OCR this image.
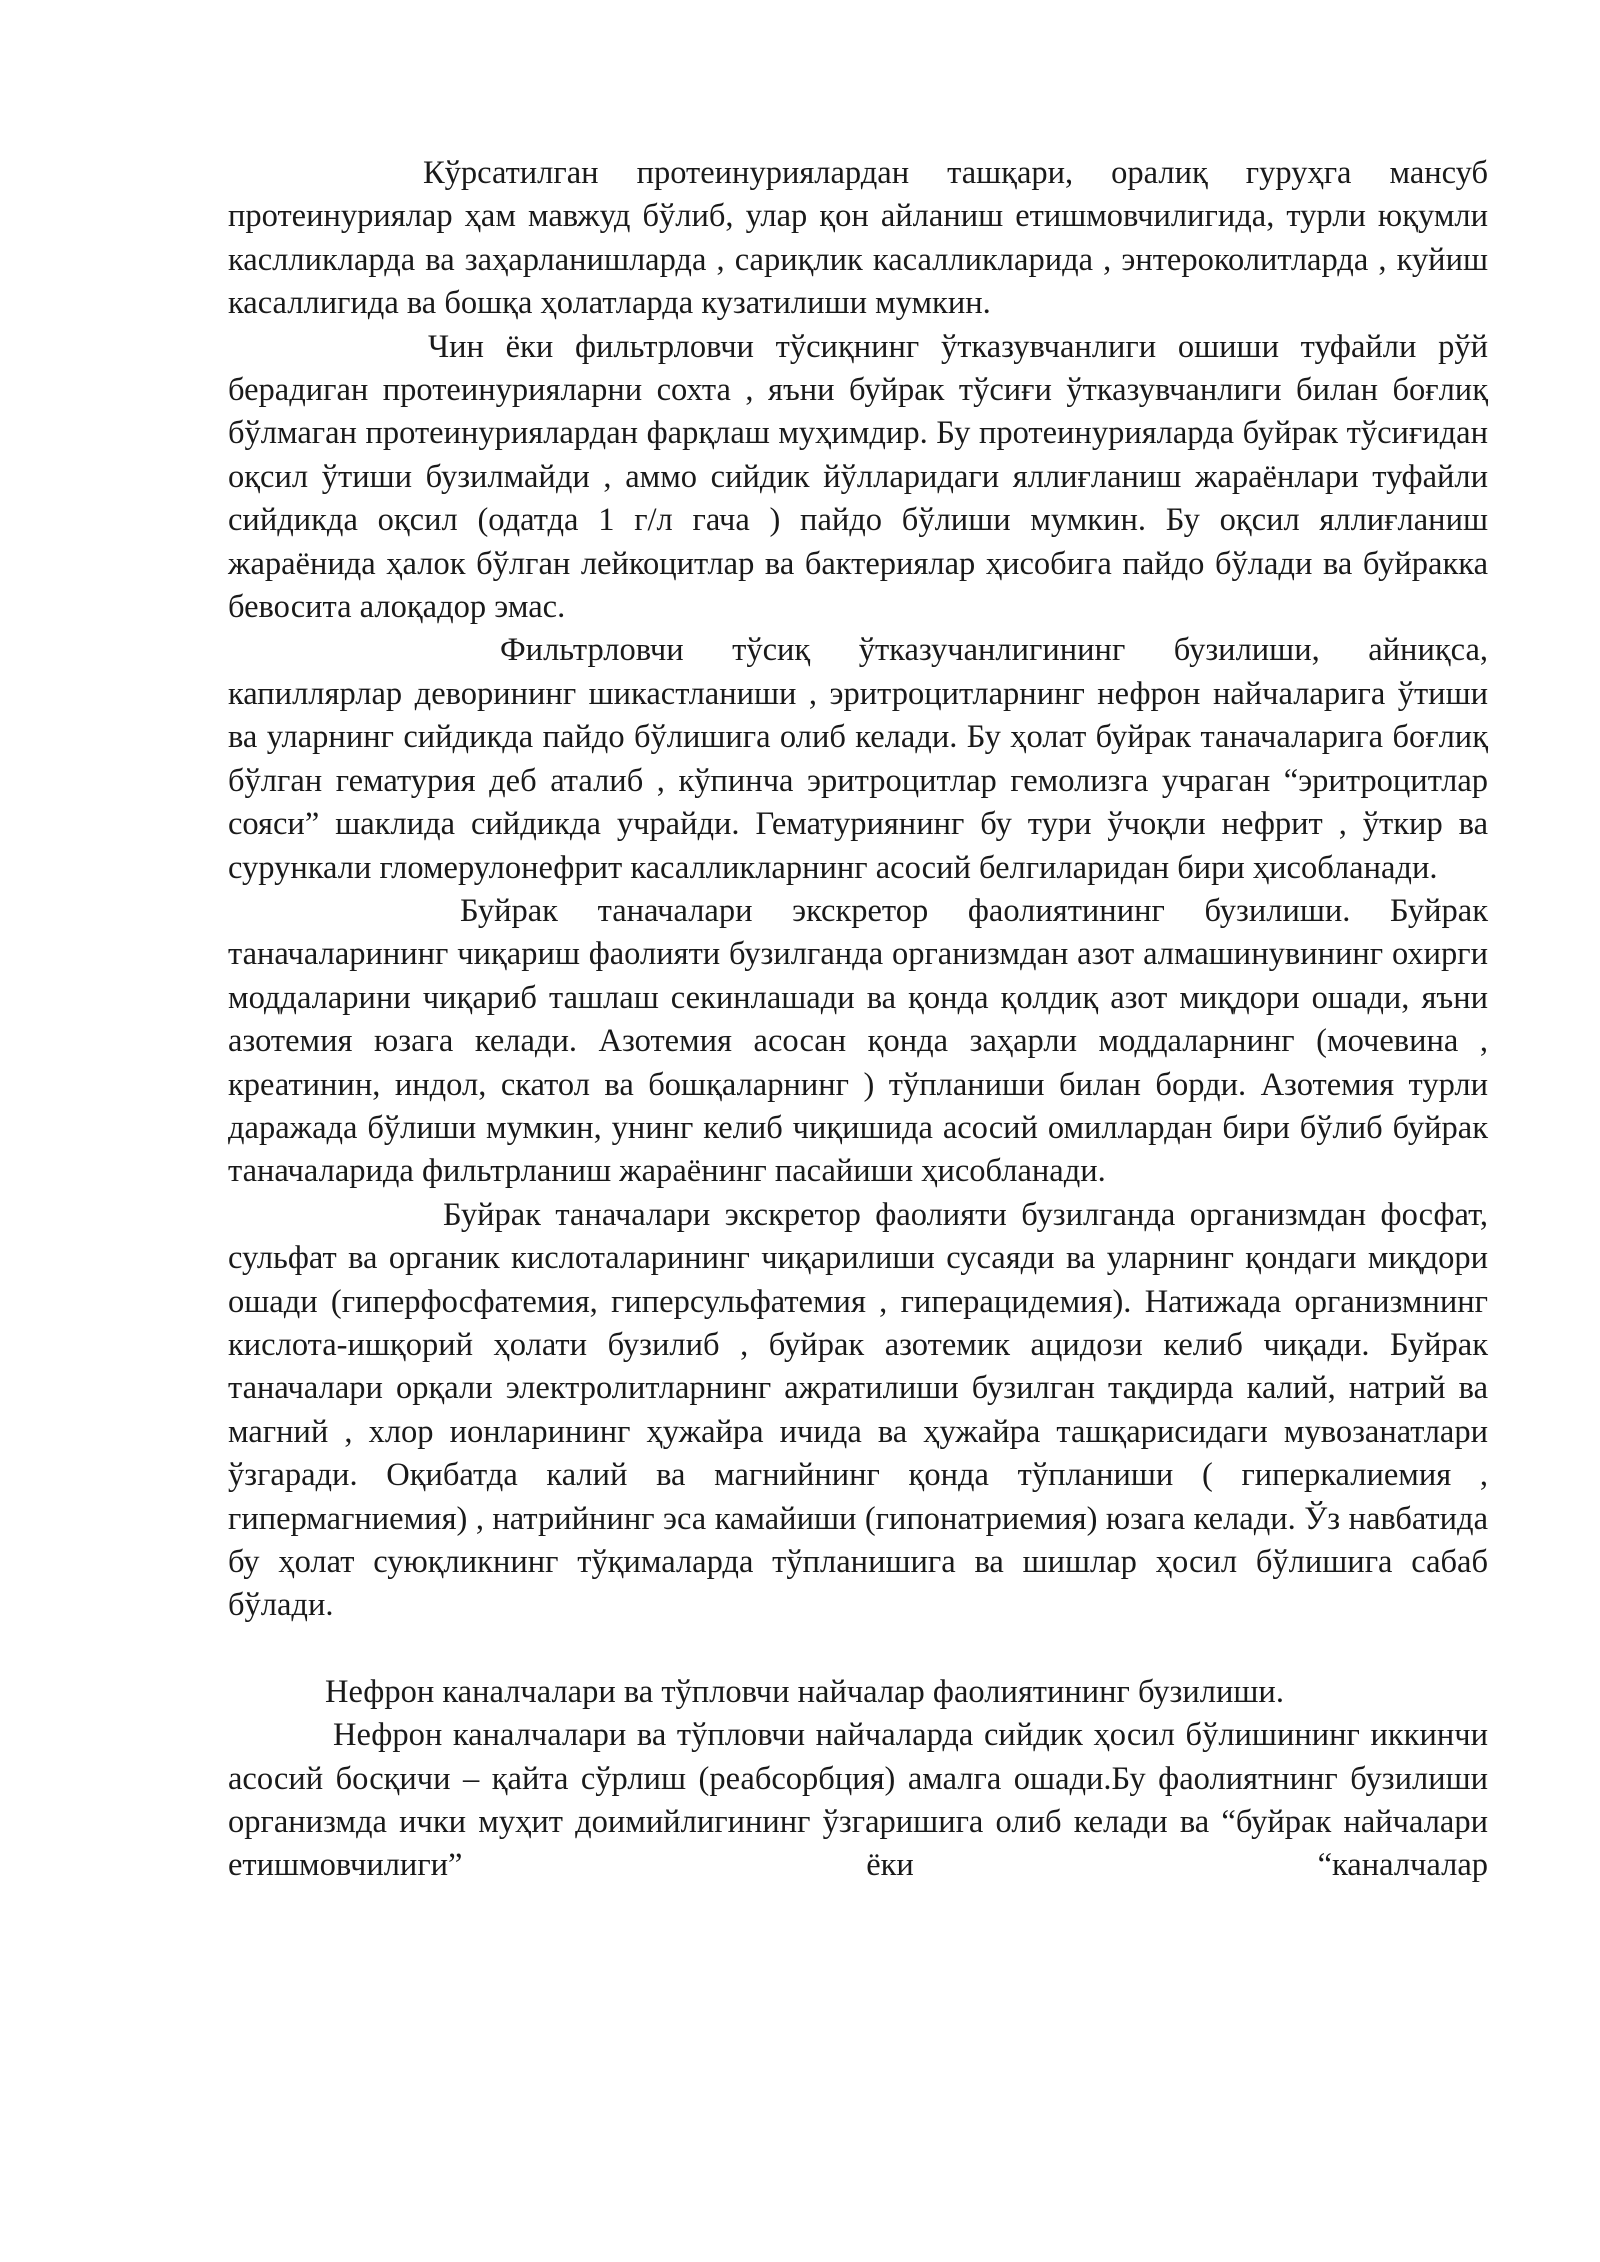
Кўрсатилган протеинуриялардан ташқари, оралиқ гуруҳга мансуб протеинуриялар ҳам мавжуд бўлиб, улар қон айланиш етишмовчилигида, турли юқумли каслликларда ва заҳарланишларда , сариқлик касалликларида , энтероколитларда , куйиш касаллигида ва бошқа ҳолатларда кузатилиши мумкин.

Чин ёки фильтрловчи тўсиқнинг ўтказувчанлиги ошиши туфайли рўй берадиган протеинурияларни сохта , яъни буйрак тўсиғи ўтказувчанлиги билан боғлиқ бўлмаган протеинуриялардан фарқлаш муҳимдир. Бу протеинурияларда буйрак тўсиғидан оқсил ўтиши бузилмайди , аммо сийдик йўлларидаги яллиғланиш жараёнлари туфайли сийдикда оқсил (одатда 1 г/л гача ) пайдо бўлиши мумкин. Бу оқсил яллиғланиш жараёнида ҳалок бўлган лейкоцитлар ва бактериялар ҳисобига пайдо бўлади ва буйракка бевосита алоқадор эмас.

Фильтрловчи тўсиқ ўтказучанлигининг бузилиши, айниқса, капиллярлар деворининг шикастланиши , эритроцитларнинг нефрон найчаларига ўтиши ва уларнинг сийдикда пайдо бўлишига олиб келади. Бу ҳолат буйрак таначаларига боғлиқ бўлган гематурия деб аталиб , кўпинча эритроцитлар гемолизга учраган “эритроцитлар сояси” шаклида сийдикда учрайди. Гематуриянинг бу тури ўчоқли нефрит , ўткир ва сурункали гломерулонефрит касалликларнинг асосий белгиларидан бири ҳисобланади.

Буйрак таначалари экскретор фаолиятининг бузилиши. Буйрак таначаларининг чиқариш фаолияти бузилганда организмдан азот алмашинувининг охирги моддаларини чиқариб ташлаш секинлашади ва қонда қолдиқ азот миқдори ошади, яъни азотемия юзага келади. Азотемия асосан қонда заҳарли моддаларнинг (мочевина , креатинин, индол, скатол ва бошқаларнинг ) тўпланиши билан борди. Азотемия турли даражада бўлиши мумкин, унинг келиб чиқишида асосий омиллардан бири бўлиб буйрак таначаларида фильтрланиш жараёнинг пасайиши ҳисобланади.

Буйрак таначалари экскретор фаолияти бузилганда организмдан фосфат, сульфат ва органик кислоталарининг чиқарилиши сусаяди ва уларнинг қондаги миқдори ошади (гиперфосфатемия, гиперсульфатемия , гиперацидемия). Натижада организмнинг кислота-ишқорий ҳолати бузилиб , буйрак азотемик ацидози келиб чиқади. Буйрак таначалари орқали электролитларнинг ажратилиши бузилган тақдирда калий, натрий ва магний , хлор ионларининг ҳужайра ичида ва ҳужайра ташқарисидаги мувозанатлари ўзгаради. Оқибатда калий ва магнийнинг қонда тўпланиши ( гиперкалиемия , гипермагниемия) , натрийнинг эса камайиши (гипонатриемия) юзага келади. Ўз навбатида бу ҳолат суюқликнинг тўқималарда тўпланишига ва шишлар ҳосил бўлишига сабаб бўлади.

Нефрон каналчалари ва тўпловчи найчалар фаолиятининг бузилиши.

Нефрон каналчалари ва тўпловчи найчаларда сийдик ҳосил бўлишининг иккинчи асосий босқичи – қайта сўрлиш (реабсорбция) амалга ошади.Бу фаолиятнинг бузилиши организмда ички муҳит доимийлигининг ўзгаришига олиб келади ва “буйрак найчалари етишмовчилиги” ёки “каналчалар
